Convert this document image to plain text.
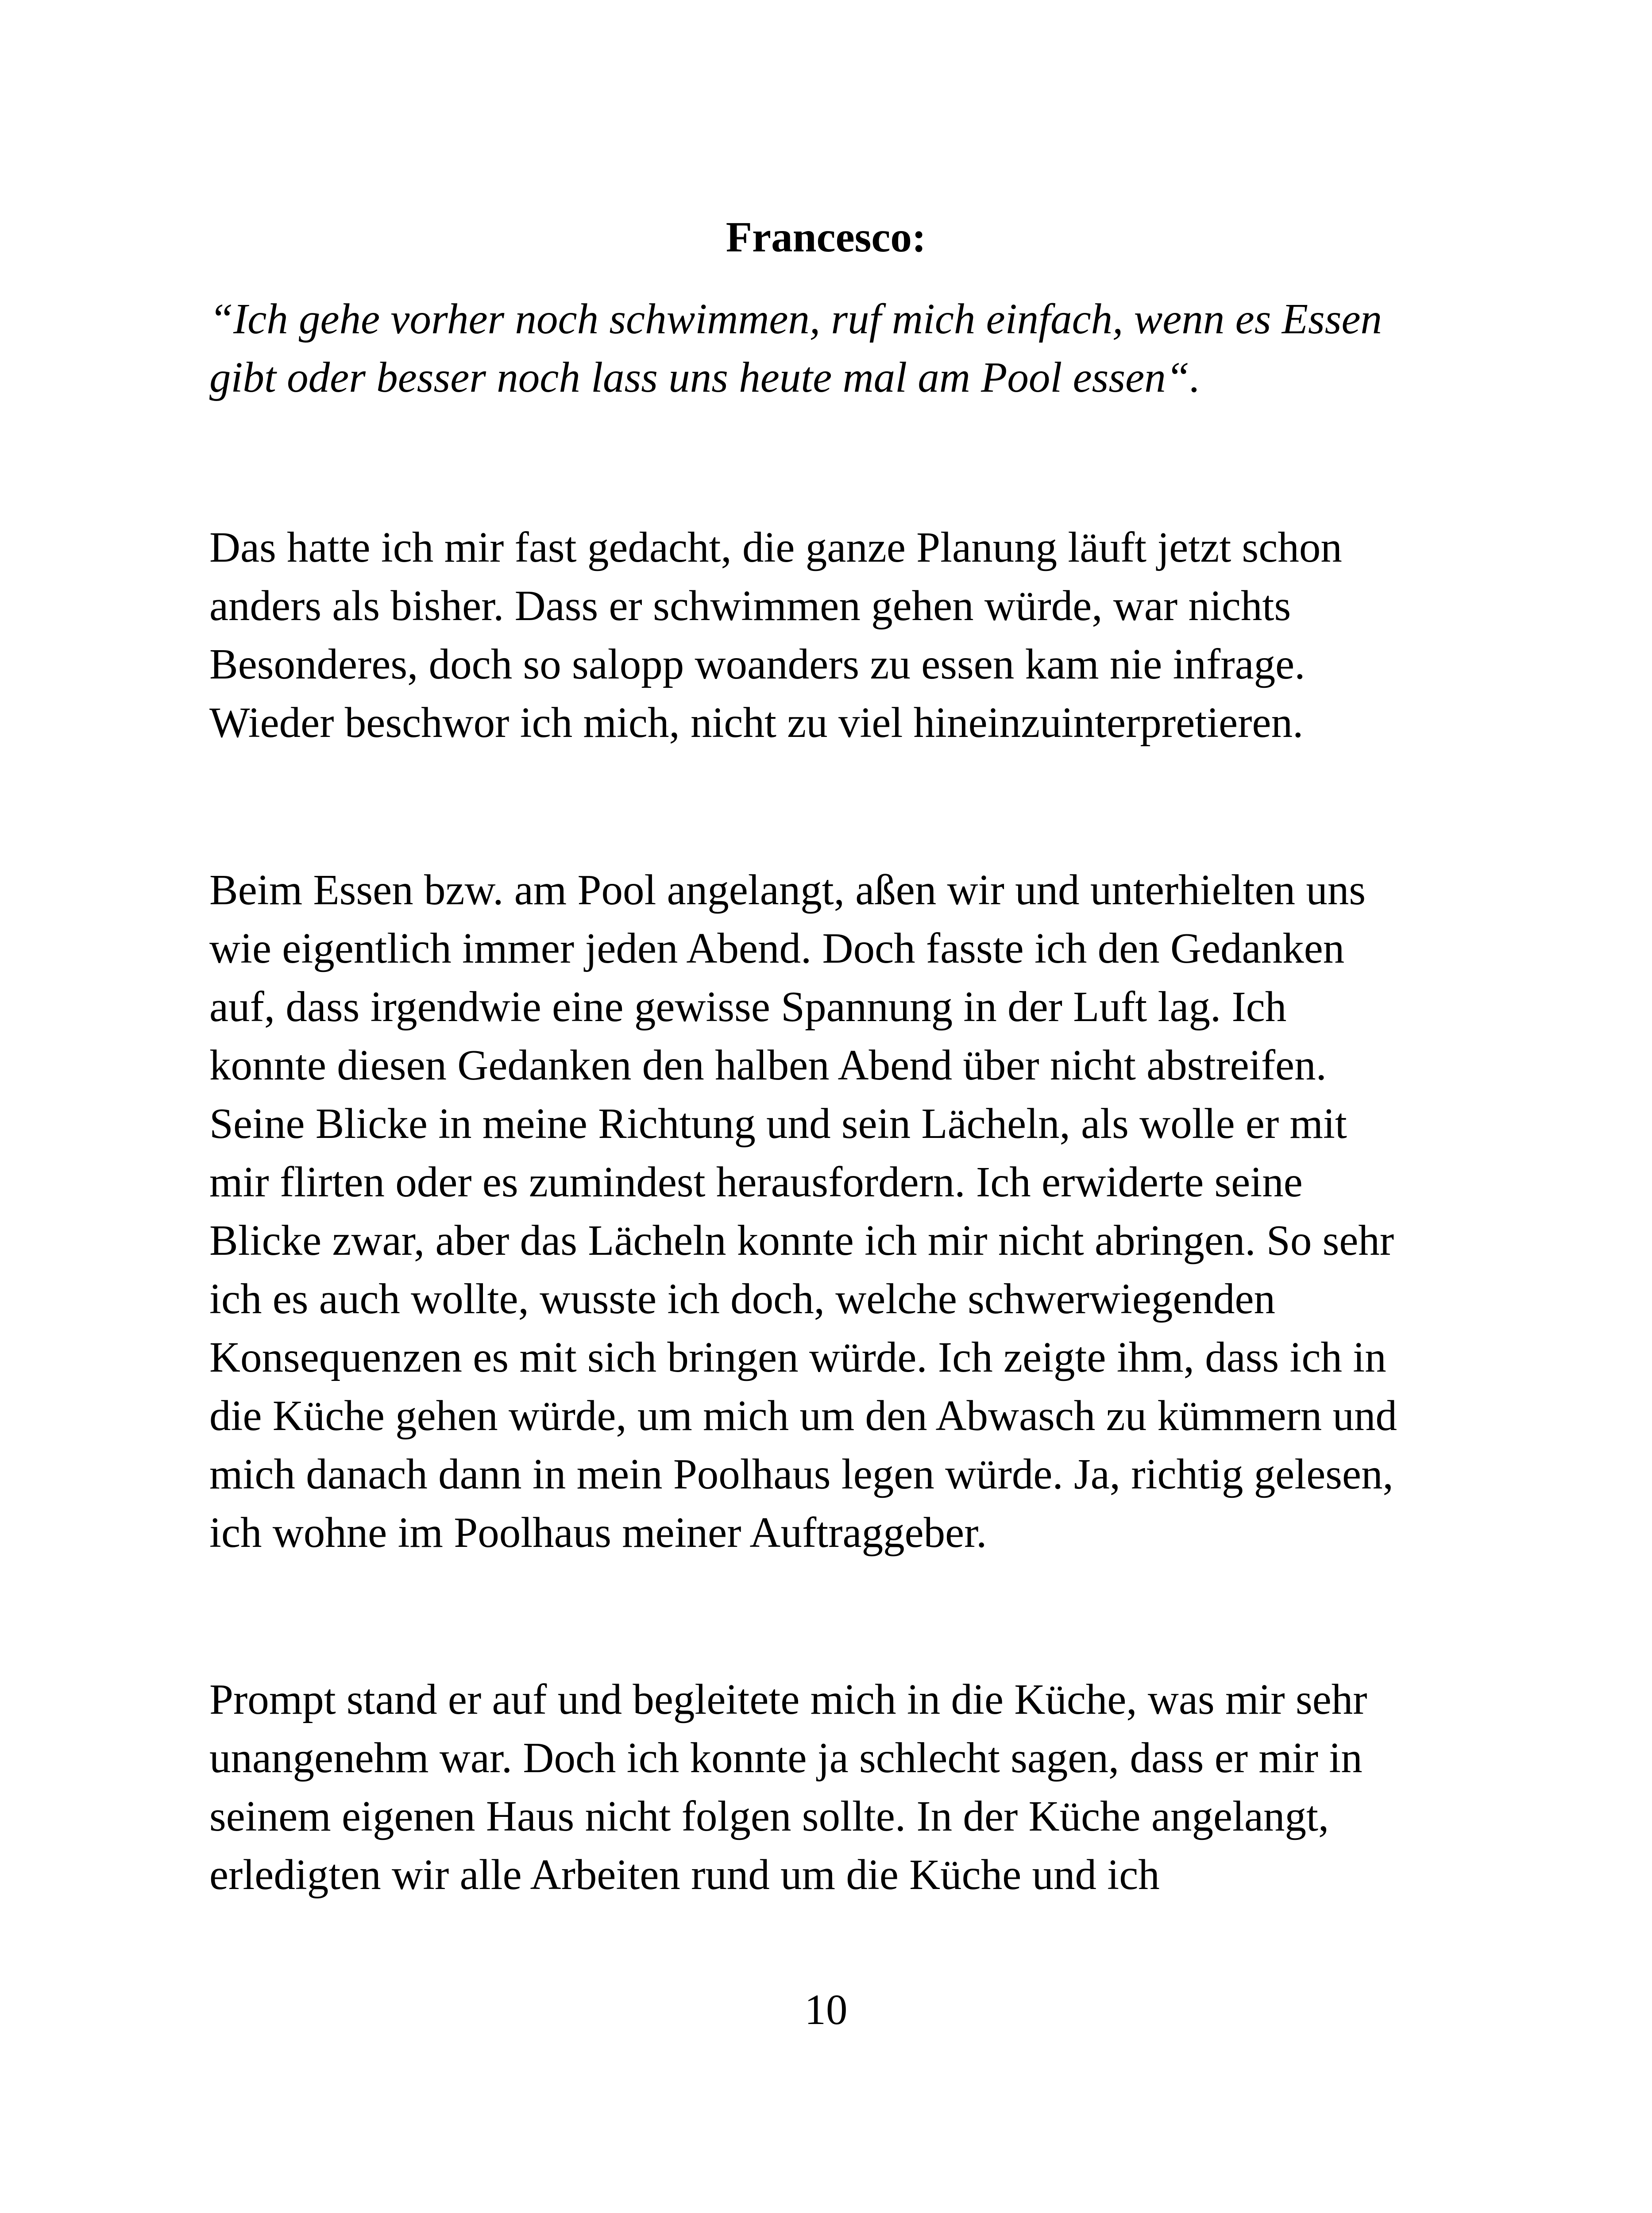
Francesco:

“Ich gehe vorher noch schwimmen, ruf mich einfach, wenn es Essen
gibt oder besser noch lass uns heute mal am Pool essen“.

Das hatte ich mir fast gedacht, die ganze Planung läuft jetzt schon
anders als bisher. Dass er schwimmen gehen würde, war nichts
Besonderes, doch so salopp woanders zu essen kam nie infrage.
Wieder beschwor ich mich, nicht zu viel hineinzuinterpretieren.

Beim Essen bzw. am Pool angelangt, aßen wir und unterhielten uns
wie eigentlich immer jeden Abend. Doch fasste ich den Gedanken
auf, dass irgendwie eine gewisse Spannung in der Luft lag. Ich
konnte diesen Gedanken den halben Abend über nicht abstreifen.
Seine Blicke in meine Richtung und sein Lächeln, als wolle er mit
mir flirten oder es zumindest herausfordern. Ich erwiderte seine
Blicke zwar, aber das Lächeln konnte ich mir nicht abringen. So sehr
ich es auch wollte, wusste ich doch, welche schwerwiegenden
Konsequenzen es mit sich bringen würde. Ich zeigte ihm, dass ich in
die Küche gehen würde, um mich um den Abwasch zu kümmern und
mich danach dann in mein Poolhaus legen würde. Ja, richtig gelesen,
ich wohne im Poolhaus meiner Auftraggeber.

Prompt stand er auf und begleitete mich in die Küche, was mir sehr
unangenehm war. Doch ich konnte ja schlecht sagen, dass er mir in
seinem eigenen Haus nicht folgen sollte. In der Küche angelangt,
erledigten wir alle Arbeiten rund um die Küche und ich

10
